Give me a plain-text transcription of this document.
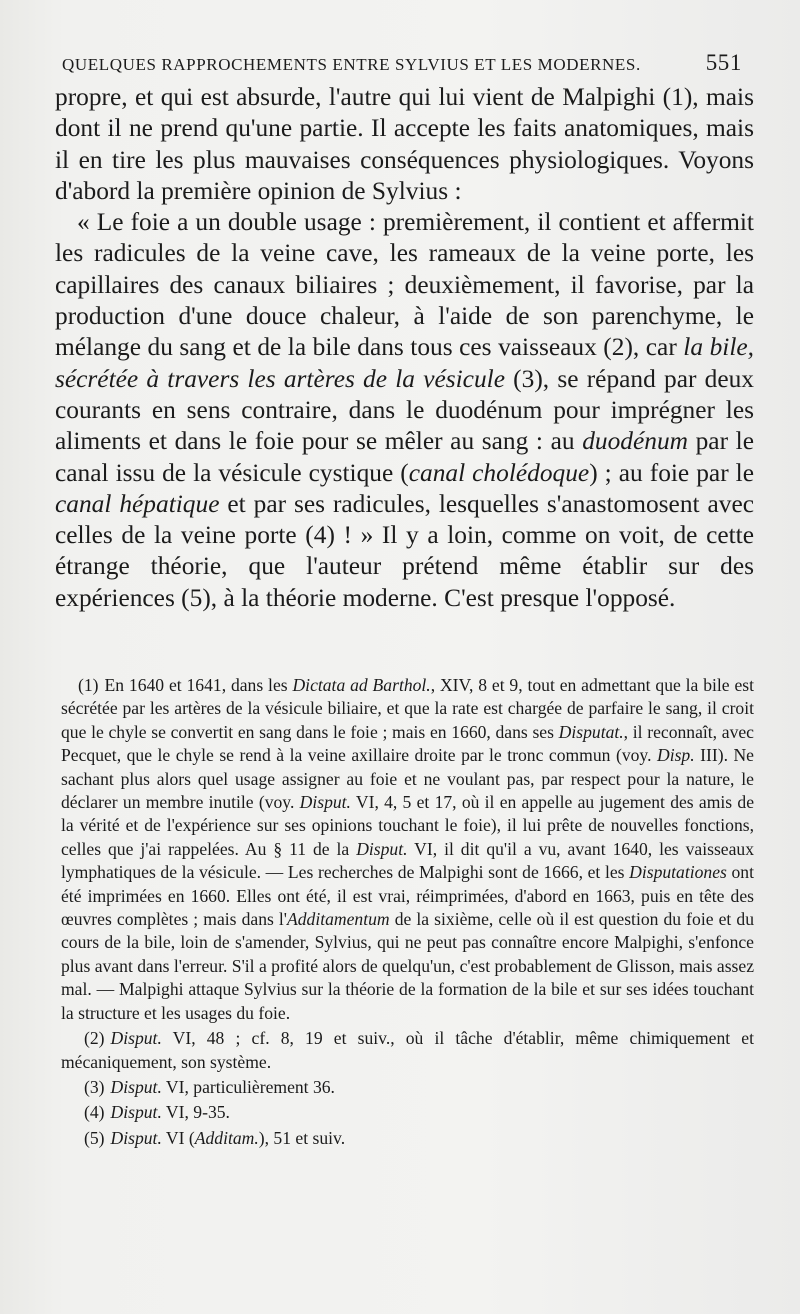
QUELQUES RAPPROCHEMENTS ENTRE SYLVIUS ET LES MODERNES.	551

propre, et qui est absurde, l'autre qui lui vient de Malpighi (1), mais dont il ne prend qu'une partie. Il accepte les faits anatomiques, mais il en tire les plus mauvaises conséquences physiologiques. Voyons d'abord la première opinion de Sylvius :

« Le foie a un double usage : premièrement, il contient et affermit les radicules de la veine cave, les rameaux de la veine porte, les capillaires des canaux biliaires ; deuxièmement, il favorise, par la production d'une douce chaleur, à l'aide de son parenchyme, le mélange du sang et de la bile dans tous ces vaisseaux (2), car la bile, sécrétée à travers les artères de la vésicule (3), se répand par deux courants en sens contraire, dans le duodénum pour imprégner les aliments et dans le foie pour se mêler au sang : au duodénum par le canal issu de la vésicule cystique (canal cholédoque) ; au foie par le canal hépatique et par ses radicules, lesquelles s'anastomosent avec celles de la veine porte (4) ! » Il y a loin, comme on voit, de cette étrange théorie, que l'auteur prétend même établir sur des expériences (5), à la théorie moderne. C'est presque l'opposé.

(1) En 1640 et 1641, dans les Dictata ad Barthol., XIV, 8 et 9, tout en admettant que la bile est sécrétée par les artères de la vésicule biliaire, et que la rate est chargée de parfaire le sang, il croit que le chyle se convertit en sang dans le foie ; mais en 1660, dans ses Disputat., il reconnaît, avec Pecquet, que le chyle se rend à la veine axillaire droite par le tronc commun (voy. Disp. III). Ne sachant plus alors quel usage assigner au foie et ne voulant pas, par respect pour la nature, le déclarer un membre inutile (voy. Disput. VI, 4, 5 et 17, où il en appelle au jugement des amis de la vérité et de l'expérience sur ses opinions touchant le foie), il lui prête de nouvelles fonctions, celles que j'ai rappelées. Au § 11 de la Disput. VI, il dit qu'il a vu, avant 1640, les vaisseaux lymphatiques de la vésicule. — Les recherches de Malpighi sont de 1666, et les Disputationes ont été imprimées en 1660. Elles ont été, il est vrai, réimprimées, d'abord en 1663, puis en tête des œuvres complètes ; mais dans l'Additamentum de la sixième, celle où il est question du foie et du cours de la bile, loin de s'amender, Sylvius, qui ne peut pas connaître encore Malpighi, s'enfonce plus avant dans l'erreur. S'il a profité alors de quelqu'un, c'est probablement de Glisson, mais assez mal. — Malpighi attaque Sylvius sur la théorie de la formation de la bile et sur ses idées touchant la structure et les usages du foie.

(2) Disput. VI, 48 ; cf. 8, 19 et suiv., où il tâche d'établir, même chimiquement et mécaniquement, son système.

(3) Disput. VI, particulièrement 36.

(4) Disput. VI, 9-35.

(5) Disput. VI (Additam.), 51 et suiv.
